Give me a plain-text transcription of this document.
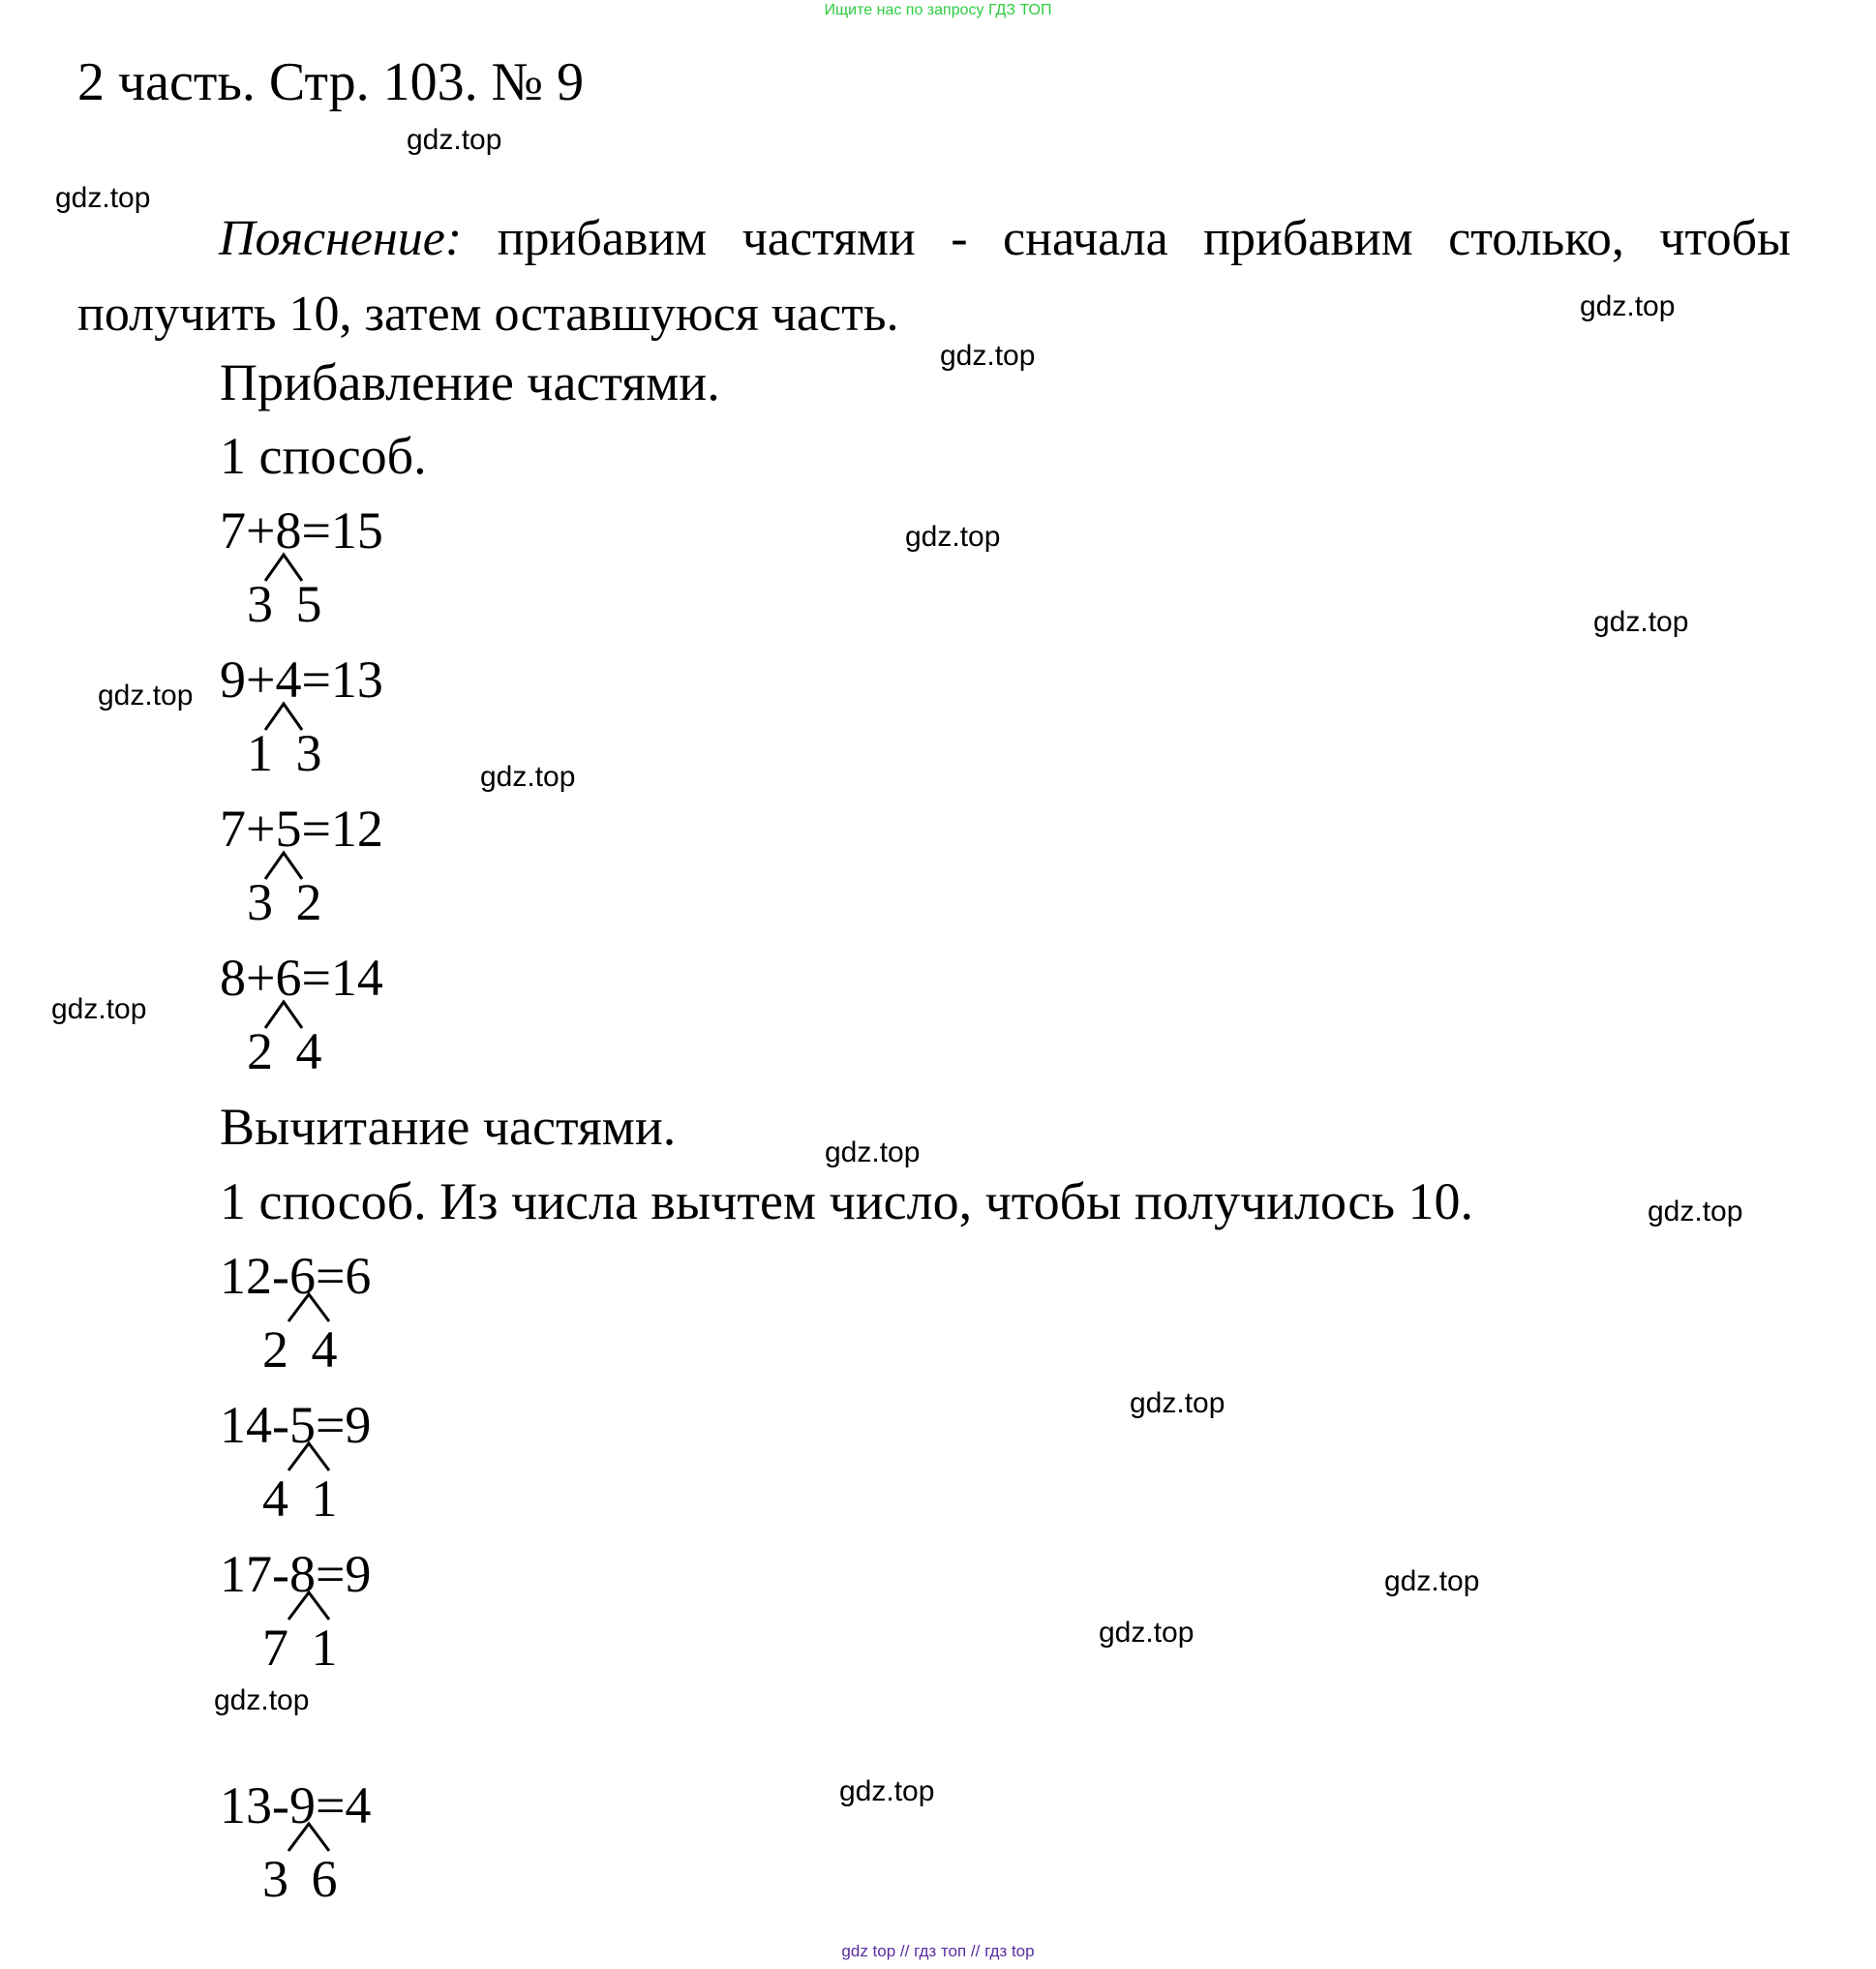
Ищите нас по запросу ГДЗ ТОП
2 часть. Стр. 103. № 9
Пояснение: прибавим частями - сначала прибавим столько, чтобы получить 10, затем оставшуюся часть.
Прибавление частями.
1 способ.
7+8=15
3 5
9+4=13
1 3
7+5=12
3 2
8+6=14
2 4
Вычитание частями.
1 способ. Из числа вычтем число, чтобы получилось 10.
12-6=6
2 4
14-5=9
4 1
17-8=9
7 1
13-9=4
3 6
gdz.top
gdz.top
gdz.top
gdz.top
gdz.top
gdz.top
gdz.top
gdz.top
gdz.top
gdz.top
gdz.top
gdz.top
gdz.top
gdz.top
gdz.top
gdz.top
gdz top // гдз топ // гдз top
